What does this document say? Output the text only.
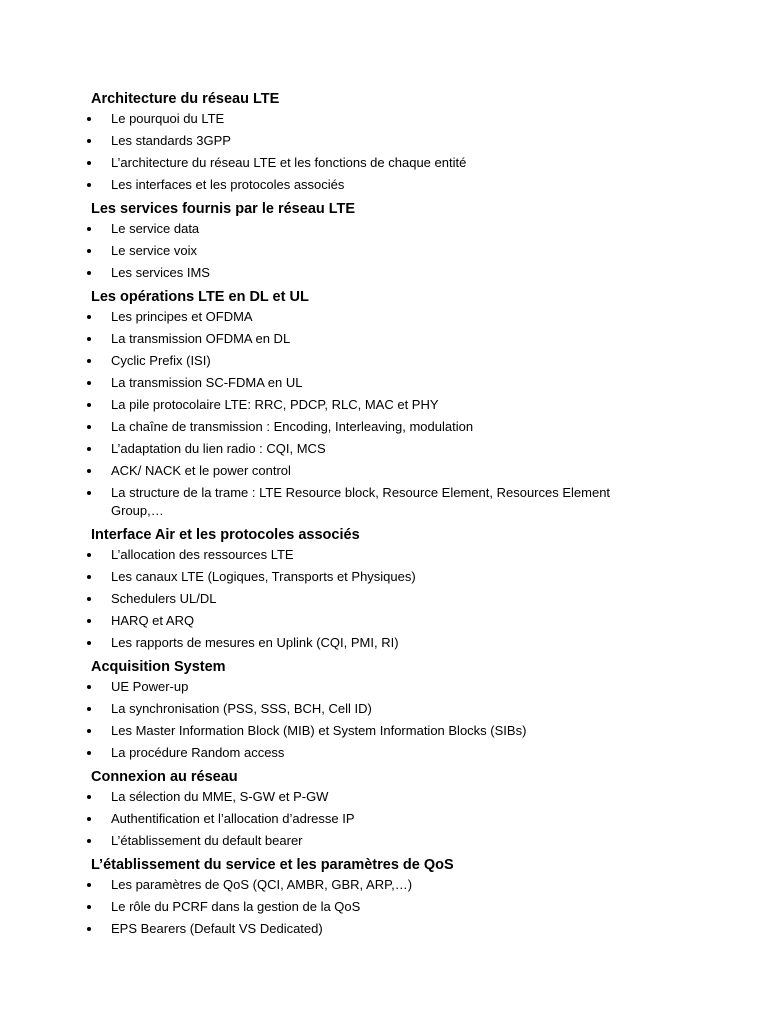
Architecture du réseau LTE
Le pourquoi du LTE
Les standards 3GPP
L’architecture du réseau LTE et les fonctions de chaque entité
Les interfaces et les protocoles associés
Les services fournis par le réseau LTE
Le service data
Le service voix
Les services IMS
Les opérations LTE en DL et UL
Les principes et OFDMA
La transmission OFDMA en DL
Cyclic Prefix (ISI)
La transmission SC-FDMA en UL
La pile protocolaire LTE: RRC, PDCP, RLC, MAC et PHY
La chaîne de transmission : Encoding, Interleaving, modulation
L’adaptation du lien radio : CQI, MCS
ACK/ NACK et le power control
La structure de la trame : LTE Resource block, Resource Element, Resources Element Group,…
Interface Air et les protocoles associés
L’allocation des ressources LTE
Les canaux LTE (Logiques, Transports et Physiques)
Schedulers UL/DL
HARQ et ARQ
Les rapports de mesures en Uplink (CQI, PMI, RI)
Acquisition System
UE Power-up
La synchronisation (PSS, SSS, BCH, Cell ID)
Les Master Information Block (MIB) et System Information Blocks (SIBs)
La procédure Random access
Connexion au réseau
La sélection du MME, S-GW et P-GW
Authentification et l’allocation d’adresse IP
L’établissement du default bearer
L’établissement du service et les paramètres de QoS
Les paramètres de QoS (QCI, AMBR, GBR, ARP,…)
Le rôle du PCRF dans la gestion de la QoS
EPS Bearers (Default VS Dedicated)
